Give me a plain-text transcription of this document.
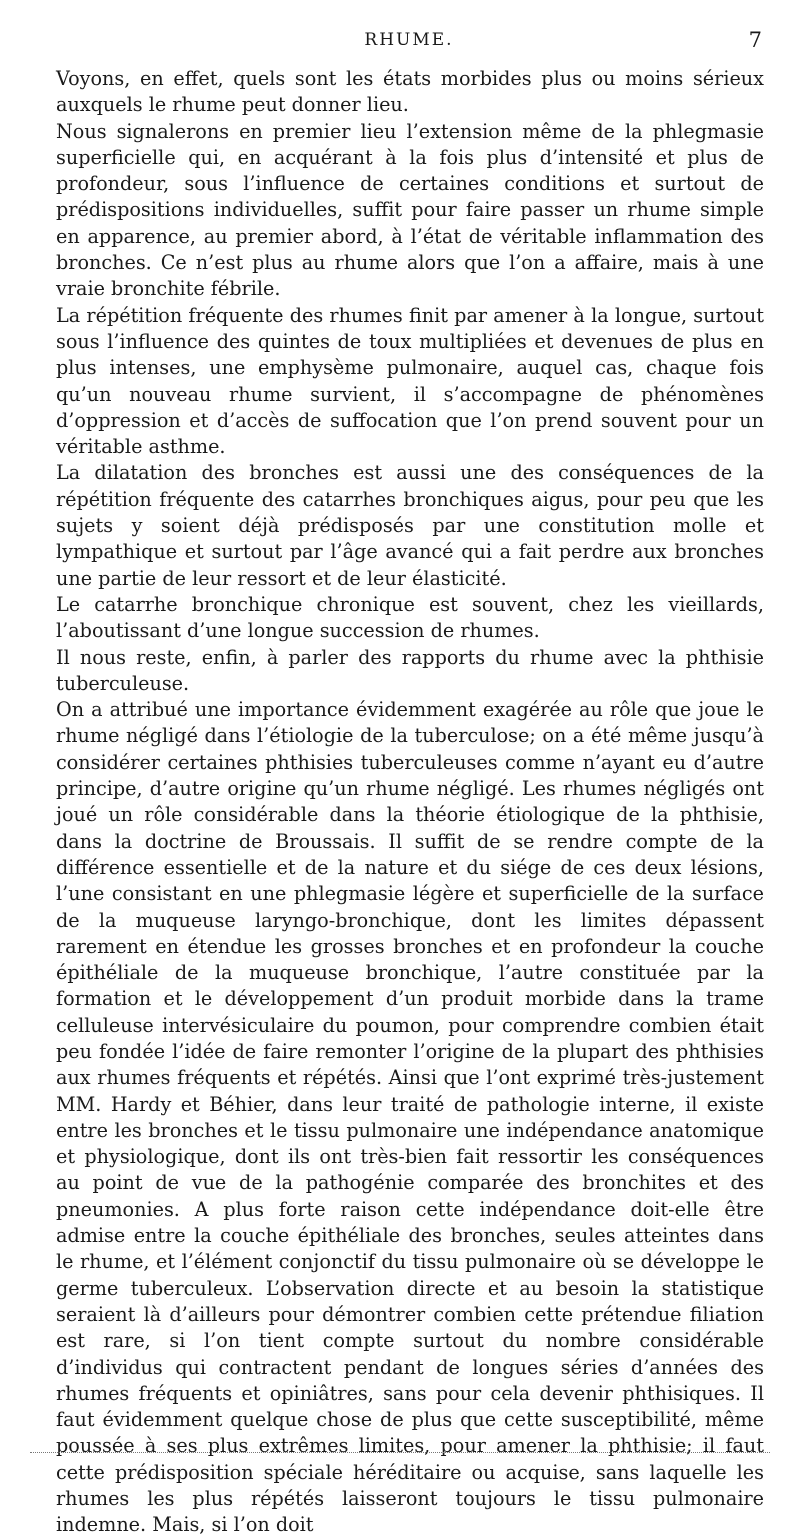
RHUME.	7

Voyons, en effet, quels sont les états morbides plus ou moins sérieux auxquels le rhume peut donner lieu.

Nous signalerons en premier lieu l’extension même de la phlegmasie superficielle qui, en acquérant à la fois plus d’intensité et plus de profondeur, sous l’influence de certaines conditions et surtout de prédispositions individuelles, suffit pour faire passer un rhume simple en apparence, au premier abord, à l’état de véritable inflammation des bronches. Ce n’est plus au rhume alors que l’on a affaire, mais à une vraie bronchite fébrile.

La répétition fréquente des rhumes finit par amener à la longue, surtout sous l’influence des quintes de toux multipliées et devenues de plus en plus intenses, une emphysème pulmonaire, auquel cas, chaque fois qu’un nouveau rhume survient, il s’accompagne de phénomènes d’oppression et d’accès de suffocation que l’on prend souvent pour un véritable asthme.

La dilatation des bronches est aussi une des conséquences de la répétition fréquente des catarrhes bronchiques aigus, pour peu que les sujets y soient déjà prédisposés par une constitution molle et lympathique et surtout par l’âge avancé qui a fait perdre aux bronches une partie de leur ressort et de leur élasticité.

Le catarrhe bronchique chronique est souvent, chez les vieillards, l’aboutissant d’une longue succession de rhumes.

Il nous reste, enfin, à parler des rapports du rhume avec la phthisie tuberculeuse.

On a attribué une importance évidemment exagérée au rôle que joue le rhume négligé dans l’étiologie de la tuberculose; on a été même jusqu’à considérer certaines phthisies tuberculeuses comme n’ayant eu d’autre principe, d’autre origine qu’un rhume négligé. Les rhumes négligés ont joué un rôle considérable dans la théorie étiologique de la phthisie, dans la doctrine de Broussais. Il suffit de se rendre compte de la différence essentielle et de la nature et du siége de ces deux lésions, l’une consistant en une phlegmasie légère et superficielle de la surface de la muqueuse laryngo-bronchique, dont les limites dépassent rarement en étendue les grosses bronches et en profondeur la couche épithéliale de la muqueuse bronchique, l’autre constituée par la formation et le développement d’un produit morbide dans la trame celluleuse intervésiculaire du poumon, pour comprendre combien était peu fondée l’idée de faire remonter l’origine de la plupart des phthisies aux rhumes fréquents et répétés. Ainsi que l’ont exprimé très-justement MM. Hardy et Béhier, dans leur traité de pathologie interne, il existe entre les bronches et le tissu pulmonaire une indépendance anatomique et physiologique, dont ils ont très-bien fait ressortir les conséquences au point de vue de la pathogénie comparée des bronchites et des pneumonies. A plus forte raison cette indépendance doit-elle être admise entre la couche épithéliale des bronches, seules atteintes dans le rhume, et l’élément conjonctif du tissu pulmonaire où se développe le germe tuberculeux. L’observation directe et au besoin la statistique seraient là d’ailleurs pour démontrer combien cette prétendue filiation est rare, si l’on tient compte surtout du nombre considérable d’individus qui contractent pendant de longues séries d’années des rhumes fréquents et opiniâtres, sans pour cela devenir phthisiques. Il faut évidemment quelque chose de plus que cette susceptibilité, même poussée à ses plus extrêmes limites, pour amener la phthisie; il faut cette prédisposition spéciale héréditaire ou acquise, sans laquelle les rhumes les plus répétés laisseront toujours le tissu pulmonaire indemne. Mais, si l’on doit
